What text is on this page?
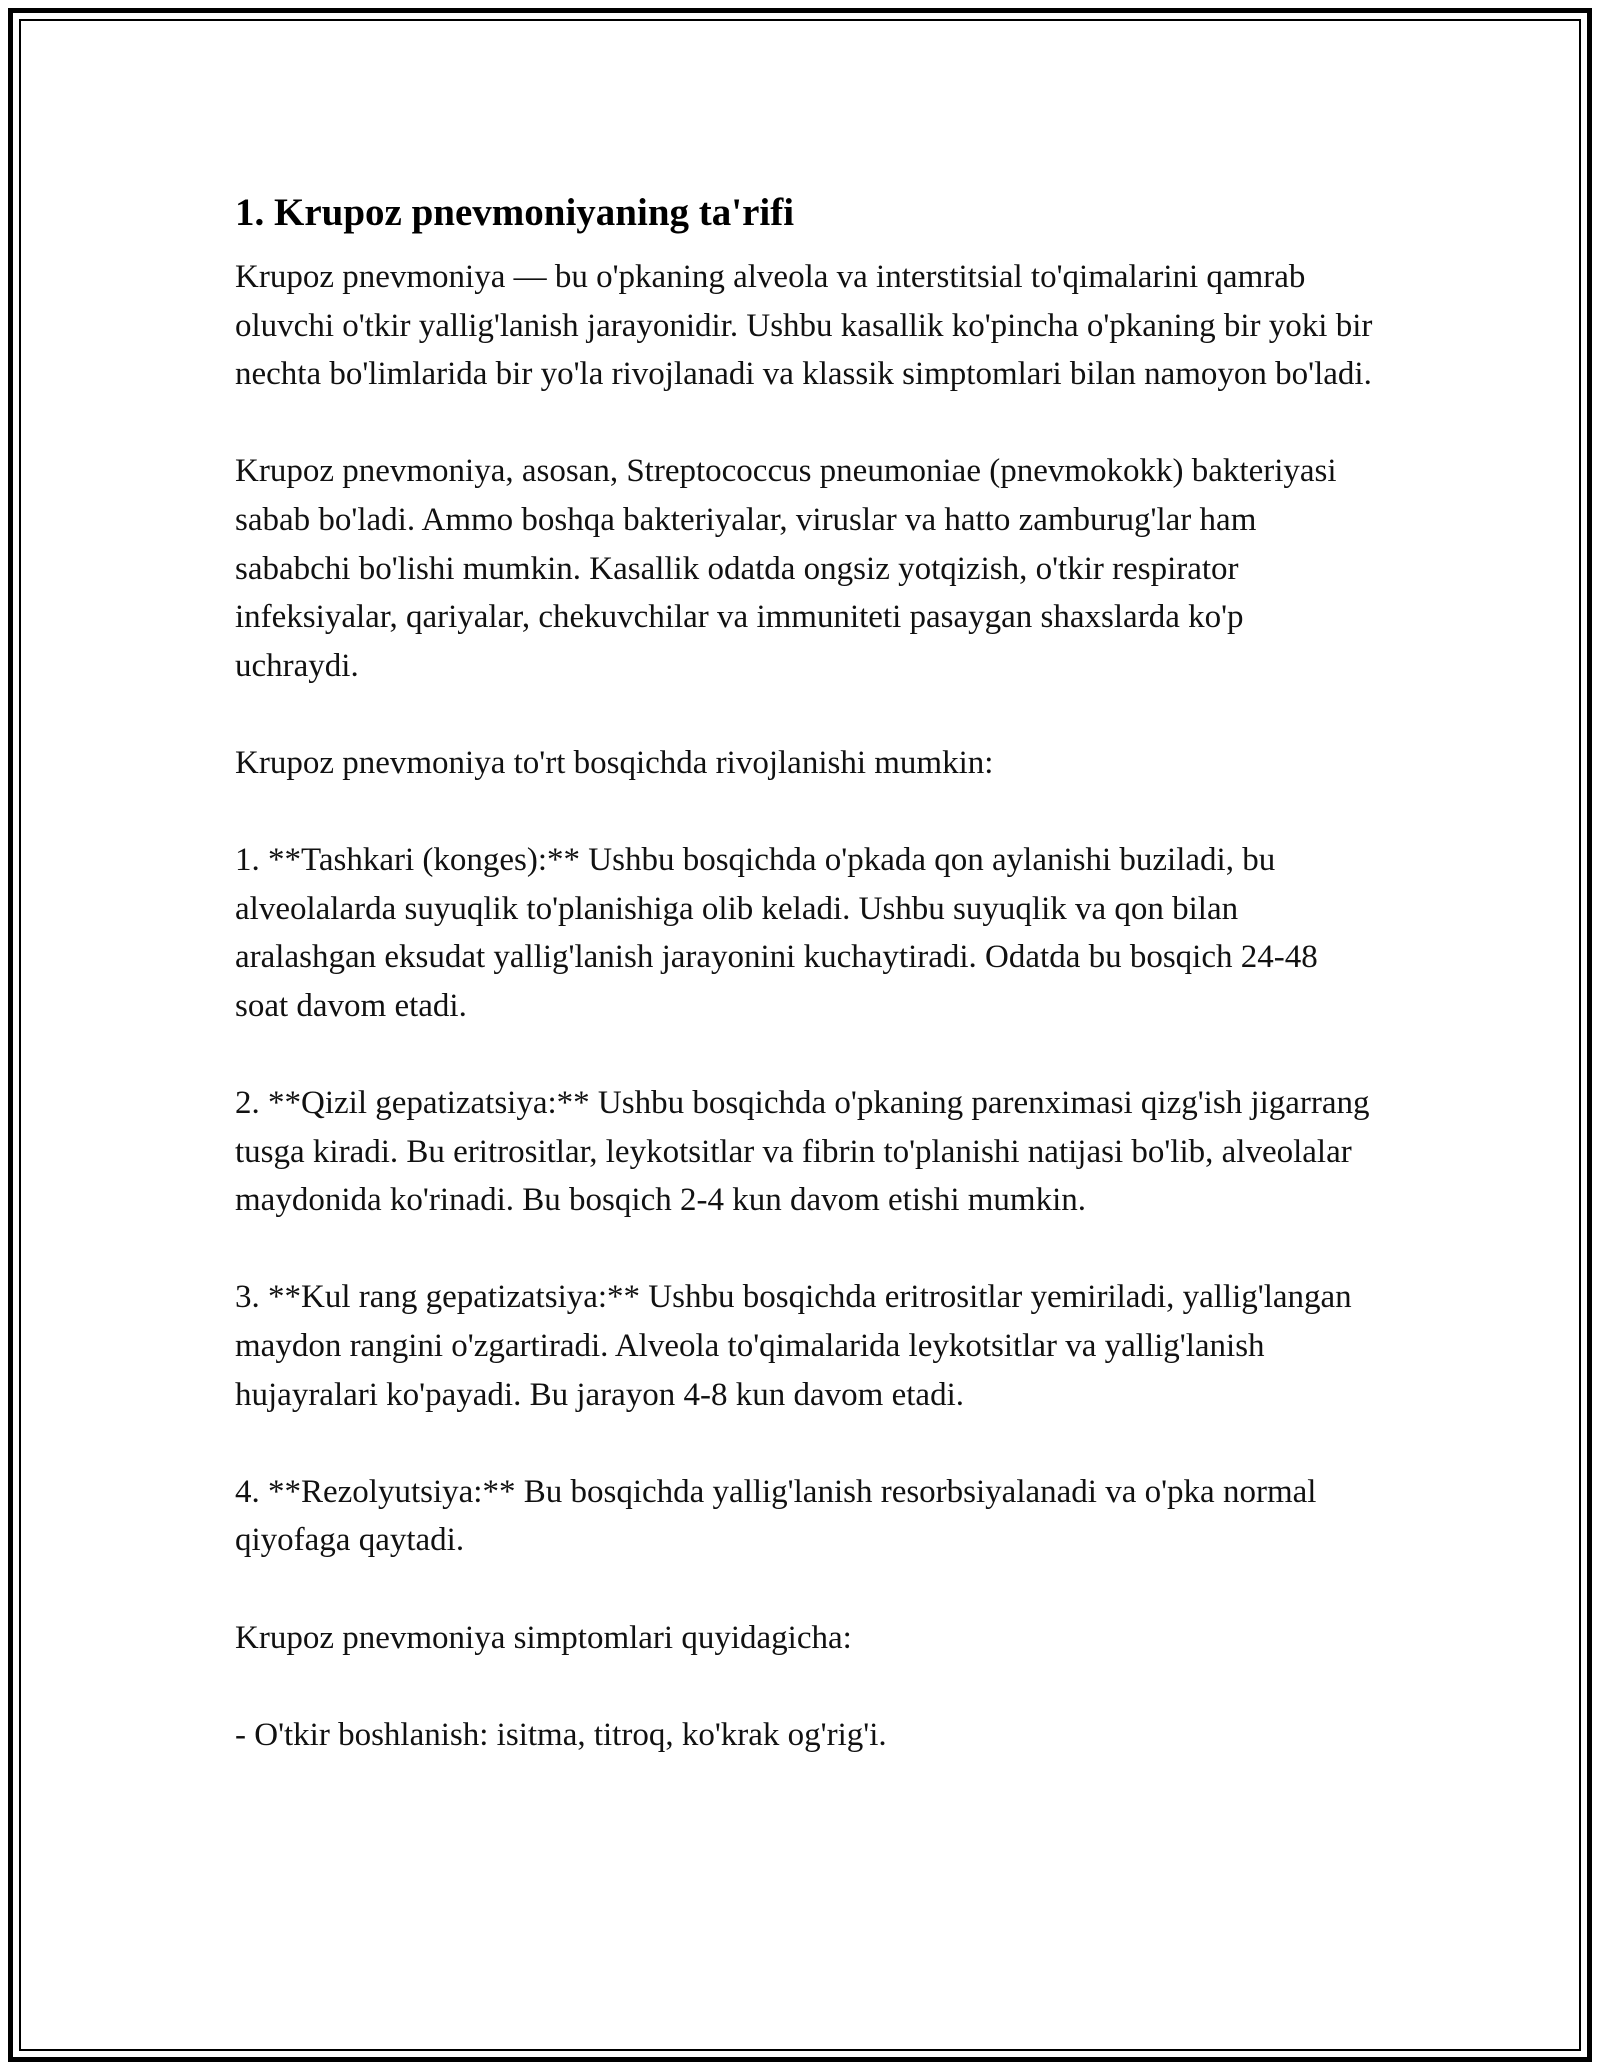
1. Krupoz pnevmoniyaning ta'rifi

Krupoz pnevmoniya — bu o'pkaning alveola va interstitsial to'qimalarini qamrab oluvchi o'tkir yallig'lanish jarayonidir. Ushbu kasallik ko'pincha o'pkaning bir yoki bir nechta bo'limlarida bir yo'la rivojlanadi va klassik simptomlari bilan namoyon bo'ladi.

Krupoz pnevmoniya, asosan, Streptococcus pneumoniae (pnevmokokk) bakteriyasi sabab bo'ladi. Ammo boshqa bakteriyalar, viruslar va hatto zamburug'lar ham sababchi bo'lishi mumkin. Kasallik odatda ongsiz yotqizish, o'tkir respirator infeksiyalar, qariyalar, chekuvchilar va immuniteti pasaygan shaxslarda ko'p uchraydi.

Krupoz pnevmoniya to'rt bosqichda rivojlanishi mumkin:

1. **Tashkari (konges):** Ushbu bosqichda o'pkada qon aylanishi buziladi, bu alveolalarda suyuqlik to'planishiga olib keladi. Ushbu suyuqlik va qon bilan aralashgan eksudat yallig'lanish jarayonini kuchaytiradi. Odatda bu bosqich 24-48 soat davom etadi.

2. **Qizil gepatizatsiya:** Ushbu bosqichda o'pkaning parenximasi qizg'ish jigarrang tusga kiradi. Bu eritrositlar, leykotsitlar va fibrin to'planishi natijasi bo'lib, alveolalar maydonida ko'rinadi. Bu bosqich 2-4 kun davom etishi mumkin.

3. **Kul rang gepatizatsiya:** Ushbu bosqichda eritrositlar yemiriladi, yallig'langan maydon rangini o'zgartiradi. Alveola to'qimalarida leykotsitlar va yallig'lanish hujayralari ko'payadi. Bu jarayon 4-8 kun davom etadi.

4. **Rezolyutsiya:** Bu bosqichda yallig'lanish resorbsiyalanadi va o'pka normal qiyofaga qaytadi.

Krupoz pnevmoniya simptomlari quyidagicha:

- O'tkir boshlanish: isitma, titroq, ko'krak og'rig'i.
